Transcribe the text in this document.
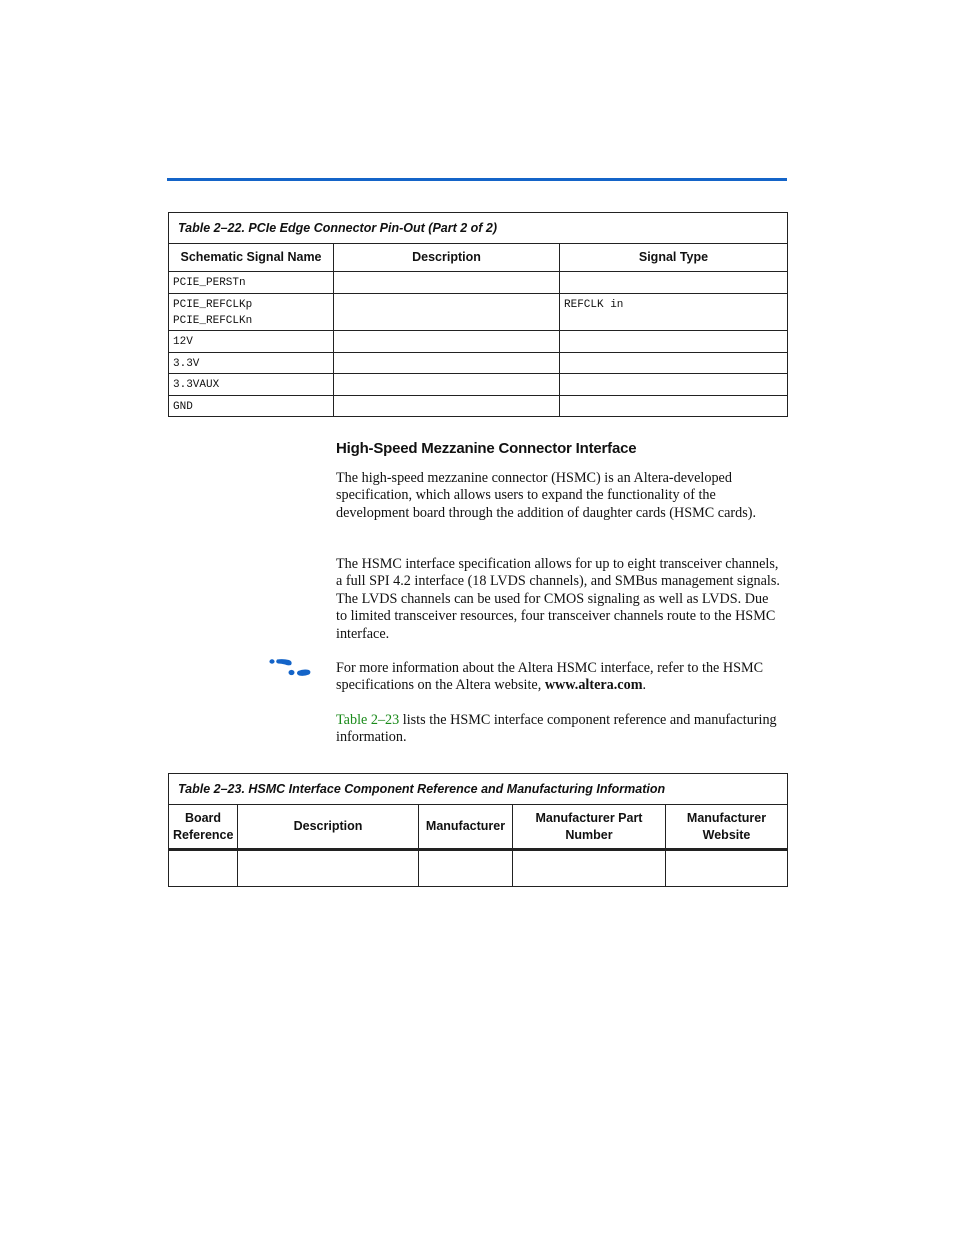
Table 2–22. PCIe Edge Connector Pin-Out (Part 2 of 2)		
Schematic Signal Name	Description	Signal Type
PCIE_PERSTn		

PCIE_REFCLKp
PCIE_REFCLKn		REFCLK in
12V		
3.3V		
3.3VAUX		
GND		
High-Speed Mezzanine Connector Interface

The high-speed mezzanine connector (HSMC) is an Altera-developed specification, which allows users to expand the functionality of the development board through the addition of daughter cards (HSMC cards).

The HSMC interface specification allows for up to eight transceiver channels, a full SPI 4.2 interface (18 LVDS channels), and SMBus management signals. The LVDS channels can be used for CMOS signaling as well as LVDS. Due to limited transceiver resources, four transceiver channels route to the HSMC interface.

For more information about the Altera HSMC interface, refer to the HSMC specifications on the Altera website, www.altera.com.

Table 2–23 lists the HSMC interface component reference and manufacturing information.

Table 2–23. HSMC Interface Component Reference and Manufacturing Information				
Board Reference	Description	Manufacturer	Manufacturer Part Number	Manufacturer Website
